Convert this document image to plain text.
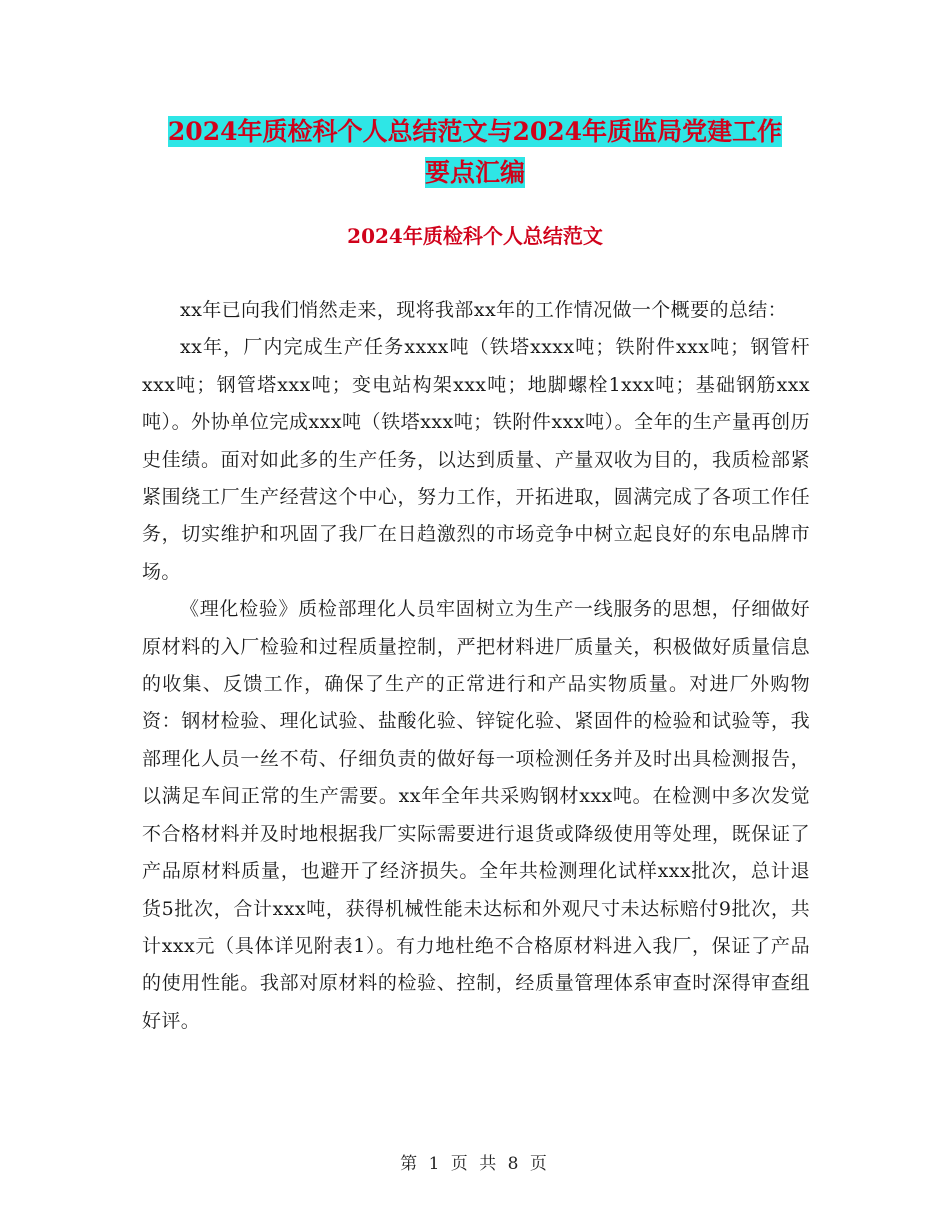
2024年质检科个人总结范文与2024年质监局党建工作
要点汇编
2024年质检科个人总结范文

xx年已向我们悄然走来，现将我部xx年的工作情况做一个概要的总结：

xx年，厂内完成生产任务xxxx吨（铁塔xxxx吨；铁附件xxx吨；钢管杆xxx吨；钢管塔xxx吨；变电站构架xxx吨；地脚螺栓1xxx吨；基础钢筋xxx吨）。外协单位完成xxx吨（铁塔xxx吨；铁附件xxx吨）。全年的生产量再创历史佳绩。面对如此多的生产任务，以达到质量、产量双收为目的，我质检部紧紧围绕工厂生产经营这个中心，努力工作，开拓进取，圆满完成了各项工作任务，切实维护和巩固了我厂在日趋激烈的市场竞争中树立起良好的东电品牌市场。

《理化检验》质检部理化人员牢固树立为生产一线服务的思想，仔细做好原材料的入厂检验和过程质量控制，严把材料进厂质量关，积极做好质量信息的收集、反馈工作，确保了生产的正常进行和产品实物质量。对进厂外购物资：钢材检验、理化试验、盐酸化验、锌锭化验、紧固件的检验和试验等，我部理化人员一丝不苟、仔细负责的做好每一项检测任务并及时出具检测报告，以满足车间正常的生产需要。xx年全年共采购钢材xxx吨。在检测中多次发觉不合格材料并及时地根据我厂实际需要进行退货或降级使用等处理，既保证了产品原材料质量，也避开了经济损失。全年共检测理化试样xxx批次，总计退货5批次，合计xxx吨，获得机械性能未达标和外观尺寸未达标赔付9批次，共计xxx元（具体详见附表1）。有力地杜绝不合格原材料进入我厂，保证了产品的使用性能。我部对原材料的检验、控制，经质量管理体系审查时深得审查组好评。

第 1 页 共 8 页
